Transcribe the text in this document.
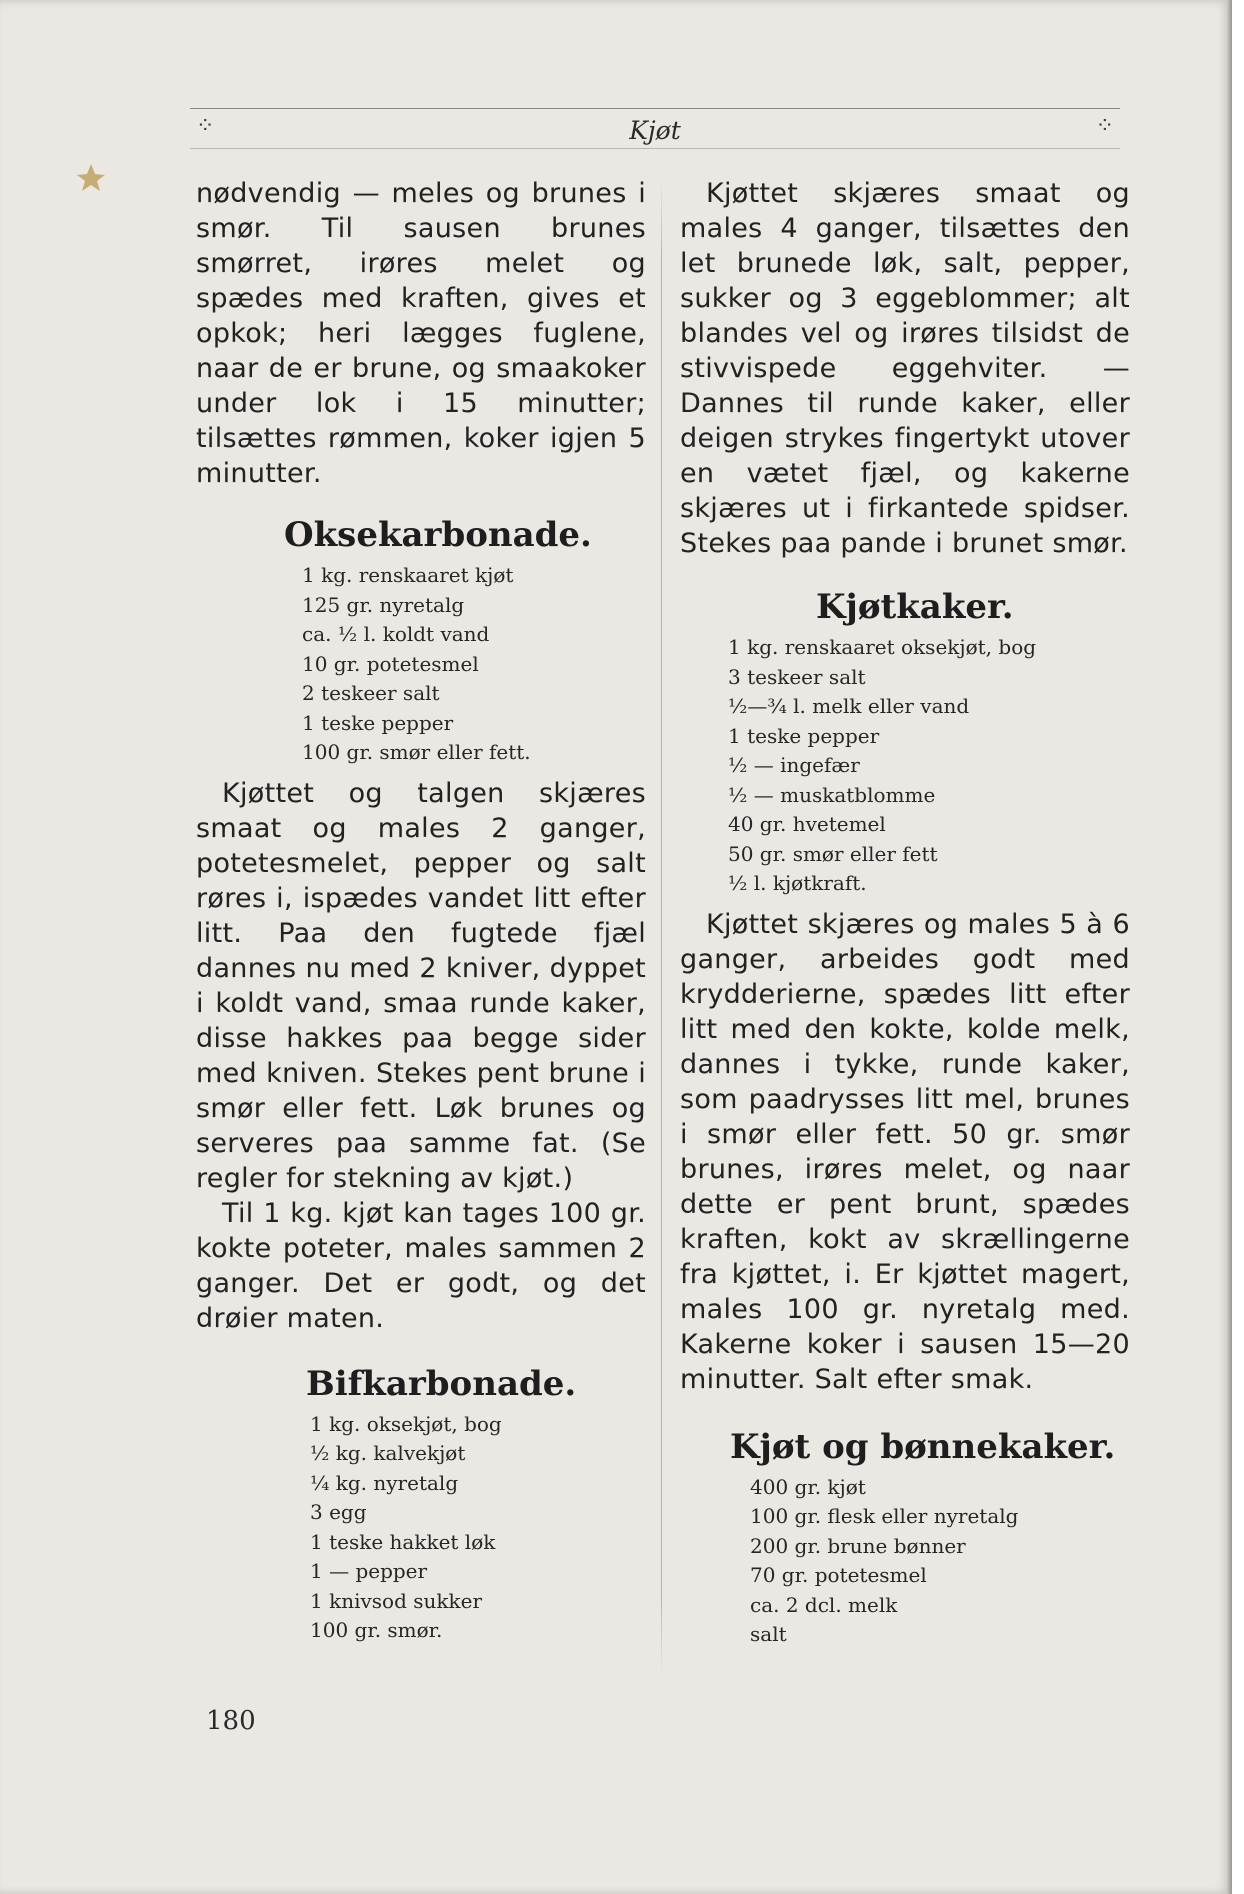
⁘	Kjøt	⁘

nødvendig — meles og brunes i smør. Til sausen brunes smørret, irøres melet og spædes med kraften, gives et opkok; heri lægges fuglene, naar de er brune, og smaakoker under lok i 15 minutter; tilsættes rømmen, koker igjen 5 minutter.

Oksekarbonade.
1 kg. renskaaret kjøt
125 gr. nyretalg
ca. ½ l. koldt vand
10 gr. potetesmel
2 teskeer salt
1 teske pepper
100 gr. smør eller fett.

Kjøttet og talgen skjæres smaat og males 2 ganger, potetesmelet, pepper og salt røres i, ispædes vandet litt efter litt. Paa den fugtede fjæl dannes nu med 2 kniver, dyppet i koldt vand, smaa runde kaker, disse hakkes paa begge sider med kniven. Stekes pent brune i smør eller fett. Løk brunes og serveres paa samme fat. (Se regler for stekning av kjøt.)

Til 1 kg. kjøt kan tages 100 gr. kokte poteter, males sammen 2 ganger. Det er godt, og det drøier maten.

Bifkarbonade.
1 kg. oksekjøt, bog
½ kg. kalvekjøt
¼ kg. nyretalg
3 egg
1 teske hakket løk
1 — pepper
1 knivsod sukker
100 gr. smør.

Kjøttet skjæres smaat og males 4 ganger, tilsættes den let brunede løk, salt, pepper, sukker og 3 eggeblommer; alt blandes vel og irøres tilsidst de stivvispede eggehviter. — Dannes til runde kaker, eller deigen strykes fingertykt utover en vætet fjæl, og kakerne skjæres ut i firkantede spidser. Stekes paa pande i brunet smør.

Kjøtkaker.
1 kg. renskaaret oksekjøt, bog
3 teskeer salt
½—¾ l. melk eller vand
1 teske pepper
½ — ingefær
½ — muskatblomme
40 gr. hvetemel
50 gr. smør eller fett
½ l. kjøtkraft.

Kjøttet skjæres og males 5 à 6 ganger, arbeides godt med krydderierne, spædes litt efter litt med den kokte, kolde melk, dannes i tykke, runde kaker, som paadrysses litt mel, brunes i smør eller fett. 50 gr. smør brunes, irøres melet, og naar dette er pent brunt, spædes kraften, kokt av skrællingerne fra kjøttet, i. Er kjøttet magert, males 100 gr. nyretalg med. Kakerne koker i sausen 15—20 minutter. Salt efter smak.

Kjøt og bønnekaker.
400 gr. kjøt
100 gr. flesk eller nyretalg
200 gr. brune bønner
70 gr. potetesmel
ca. 2 dcl. melk
salt
180
